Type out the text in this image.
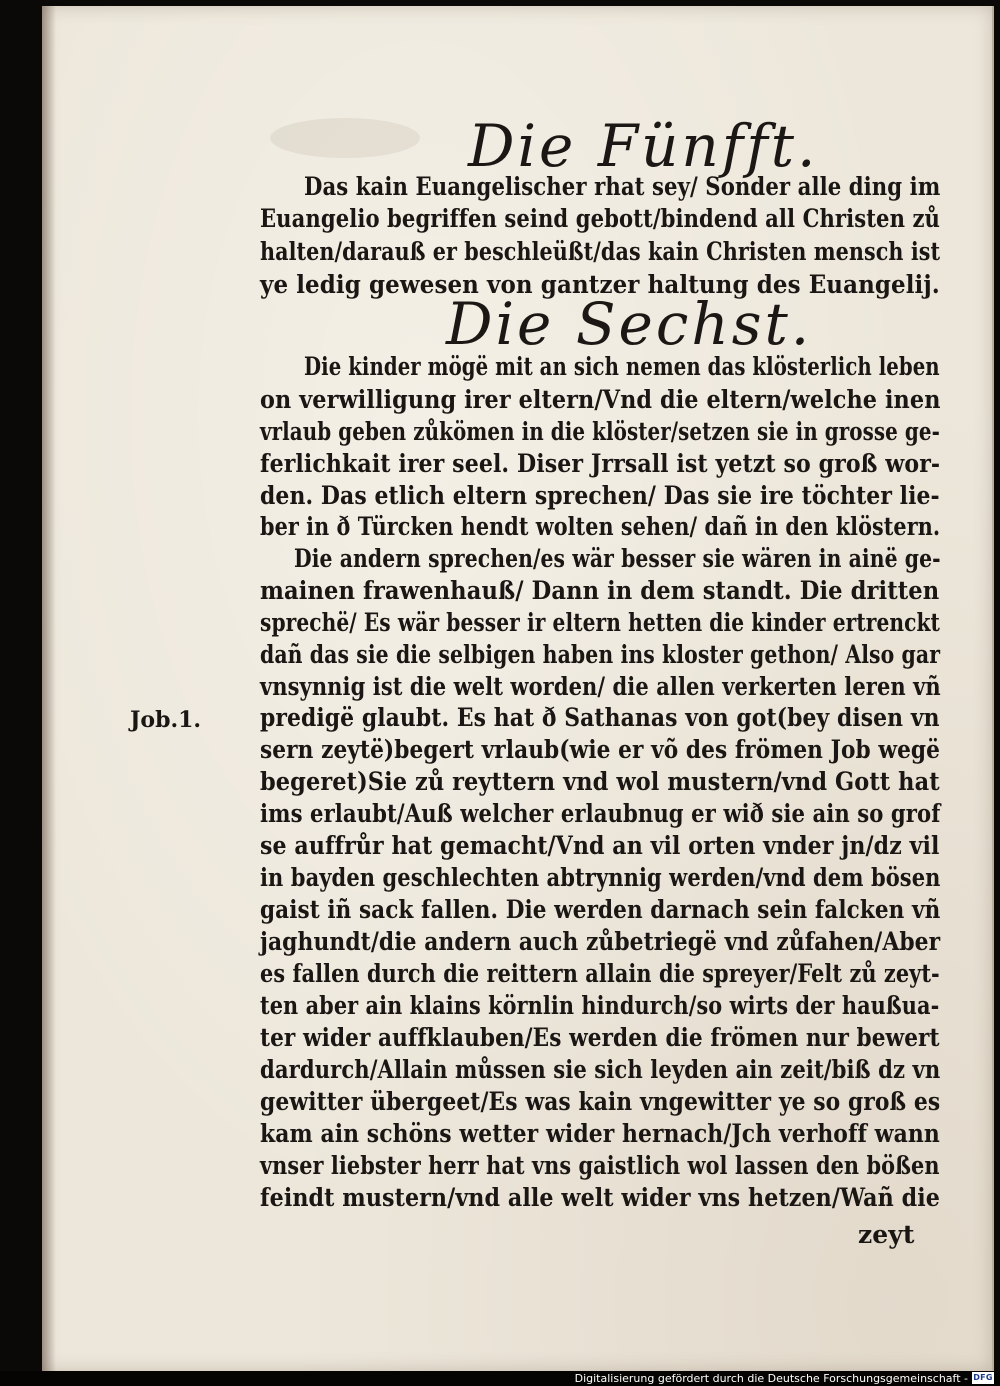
Die Fünfft.
Das kain Euangelischer rhat sey/ Sonder alle ding im
Euangelio begriffen seind gebott/bindend all Christen zů
halten/darauß er beschleüßt/das kain Christen mensch ist
ye ledig gewesen von gantzer haltung des Euangelij.
Die Sechst.
Die kinder mögë mit an sich nemen das klösterlich leben
on verwilligung irer eltern/Vnd die eltern/welche inen
vrlaub geben zůkömen in die klöster/setzen sie in grosse ge-
ferlichkait irer seel. Diser Jrrsall ist yetzt so groß wor-
den. Das etlich eltern sprechen/ Das sie ire töchter lie-
ber in ð Türcken hendt wolten sehen/ dañ in den klöstern.
Die andern sprechen/es wär besser sie wären in ainë ge-
mainen frawenhauß/ Dann in dem standt. Die dritten
sprechë/ Es wär besser ir eltern hetten die kinder ertrenckt
dañ das sie die selbigen haben ins kloster gethon/ Also gar
vnsynnig ist die welt worden/ die allen verkerten leren vñ
predigë glaubt. Es hat ð Sathanas von got(bey disen vn
Job.1.
sern zeytë)begert vrlaub(wie er võ des frömen Job wegë
begeret)Sie zů reyttern vnd wol mustern/vnd Gott hat
ims erlaubt/Auß welcher erlaubnug er wið sie ain so grof
se auffrůr hat gemacht/Vnd an vil orten vnder jn/dz vil
in bayden geschlechten abtrynnig werden/vnd dem bösen
gaist iñ sack fallen. Die werden darnach sein falcken vñ
jaghundt/die andern auch zůbetriegë vnd zůfahen/Aber
es fallen durch die reittern allain die spreyer/Felt zů zeyt-
ten aber ain klains körnlin hindurch/so wirts der haußua-
ter wider auffklauben/Es werden die frömen nur bewert
dardurch/Allain můssen sie sich leyden ain zeit/biß dz vn
gewitter übergeet/Es was kain vngewitter ye so groß es
kam ain schöns wetter wider hernach/Jch verhoff wann
vnser liebster herr hat vns gaistlich wol lassen den bößen
feindt mustern/vnd alle welt wider vns hetzen/Wañ die
zeyt
Digitalisierung gefördert durch die Deutsche Forschungsgemeinschaft - DFG
